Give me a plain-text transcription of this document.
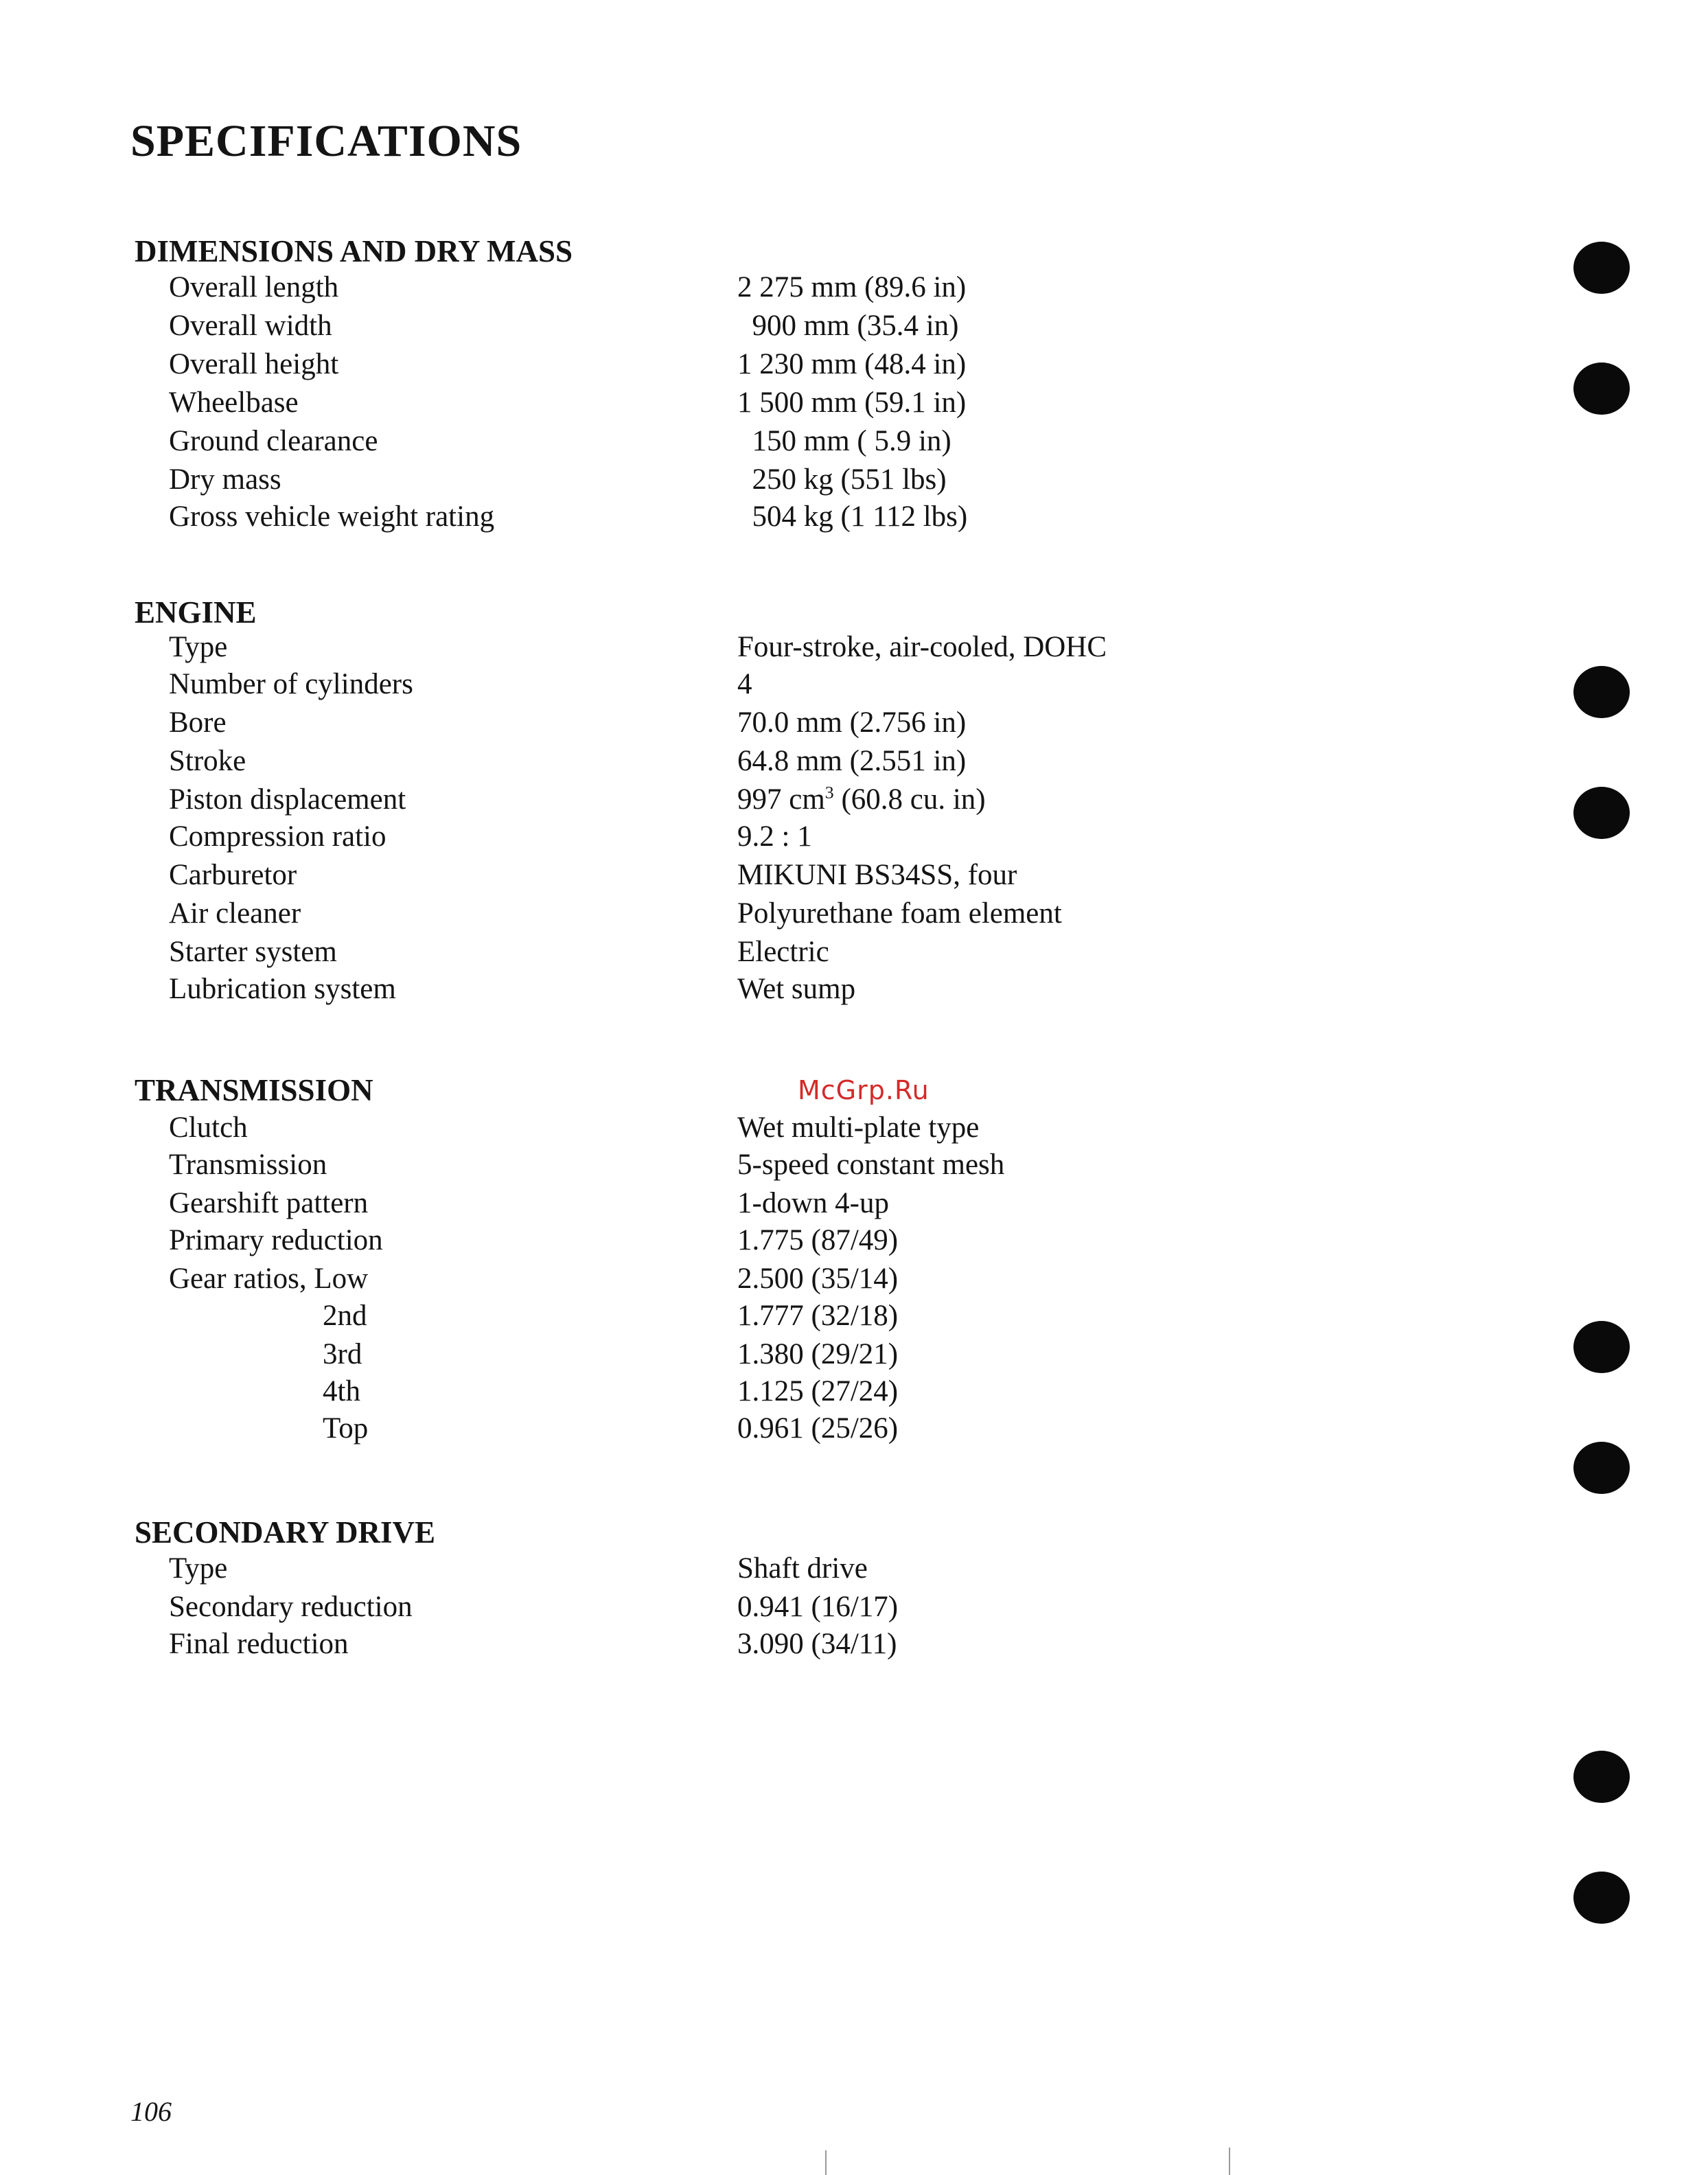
SPECIFICATIONS
DIMENSIONS AND DRY MASS

Overall length

	2 275 mm (89.6 in)

Overall width

	900 mm (35.4 in)

Overall height

	1 230 mm (48.4 in)

Wheelbase

	1 500 mm (59.1 in)

Ground clearance

	150 mm ( 5.9 in)

Dry mass

	250 kg (551 lbs)

Gross vehicle weight rating

	504 kg (1 112 lbs)

ENGINE

Type

	Four-stroke, air-cooled, DOHC

Number of cylinders

	4

Bore

	70.0 mm (2.756 in)

Stroke

	64.8 mm (2.551 in)

Piston displacement

	997 $cm^3$ (60.8 cu. in)

Compression ratio

	9.2 : 1

Carburetor

	MIKUNI BS34SS, four

Air cleaner

	Polyurethane foam element

Starter system

	Electric

Lubrication system

	Wet sump

McGrp.Ru
TRANSMISSION

Clutch

	Wet multi-plate type

Transmission

	5-speed constant mesh

Gearshift pattern

	1-down 4-up

Primary reduction

	1.775 (87/49)

Gear ratios, Low

	2.500 (35/14)

2nd

	1.777 (32/18)

3rd

	1.380 (29/21)

4th

	1.125 (27/24)

Top

	0.961 (25/26)

SECONDARY DRIVE

Type

	Shaft drive

Secondary reduction

	0.941 (16/17)

Final reduction

	3.090 (34/11)

106
